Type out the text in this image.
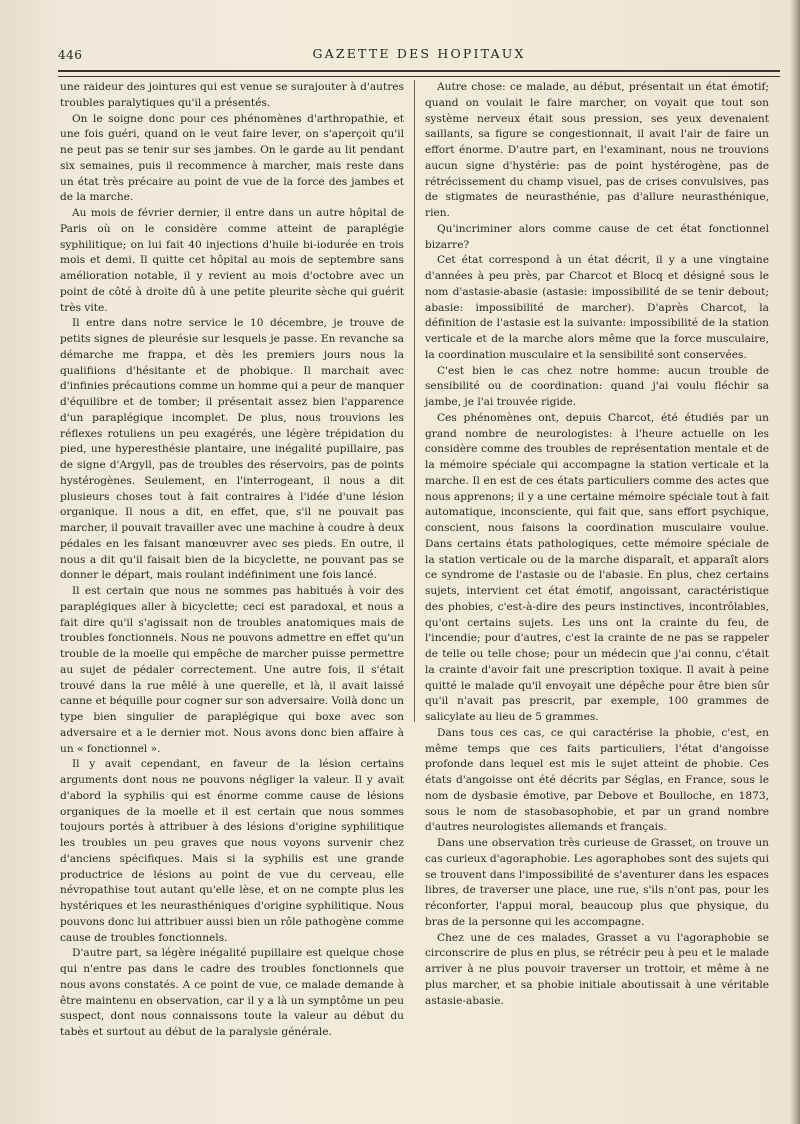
446	GAZETTE DES HOPITAUX

une raideur des jointures qui est venue se surajouter à d'autres troubles paralytiques qu'il a présentés.

On le soigne donc pour ces phénomènes d'arthropathie, et une fois guéri, quand on le veut faire lever, on s'aperçoit qu'il ne peut pas se tenir sur ses jambes. On le garde au lit pendant six semaines, puis il recommence à marcher, mais reste dans un état très précaire au point de vue de la force des jambes et de la marche.

Au mois de février dernier, il entre dans un autre hôpital de Paris où on le considère comme atteint de paraplégie syphilitique; on lui fait 40 injections d'huile bi-iodurée en trois mois et demi. Il quitte cet hôpital au mois de septembre sans amélioration notable, il y revient au mois d'octobre avec un point de côté à droite dû à une petite pleurite sèche qui guérit très vite.

Il entre dans notre service le 10 décembre, je trouve de petits signes de pleurésie sur lesquels je passe. En revanche sa démarche me frappa, et dès les premiers jours nous la qualifiions d'hésitante et de phobique. Il marchait avec d'infinies précautions comme un homme qui a peur de manquer d'équilibre et de tomber; il présentait assez bien l'apparence d'un paraplégique incomplet. De plus, nous trouvions les réflexes rotuliens un peu exagérés, une légère trépidation du pied, une hyperesthésie plantaire, une inégalité pupillaire, pas de signe d'Argyll, pas de troubles des réservoirs, pas de points hystérogènes. Seulement, en l'interrogeant, il nous a dit plusieurs choses tout à fait contraires à l'idée d'une lésion organique. Il nous a dit, en effet, que, s'il ne pouvait pas marcher, il pouvait travailler avec une machine à coudre à deux pédales en les faisant manœuvrer avec ses pieds. En outre, il nous a dit qu'il faisait bien de la bicyclette, ne pouvant pas se donner le départ, mais roulant indéfiniment une fois lancé.

Il est certain que nous ne sommes pas habitués à voir des paraplégiques aller à bicyclette; ceci est paradoxal, et nous a fait dire qu'il s'agissait non de troubles anatomiques mais de troubles fonctionnels. Nous ne pouvons admettre en effet qu'un trouble de la moelle qui empêche de marcher puisse permettre au sujet de pédaler correctement. Une autre fois, il s'était trouvé dans la rue mêlé à une querelle, et là, il avait laissé canne et béquille pour cogner sur son adversaire. Voilà donc un type bien singulier de paraplégique qui boxe avec son adversaire et a le dernier mot. Nous avons donc bien affaire à un « fonctionnel ».

Il y avait cependant, en faveur de la lésion certains arguments dont nous ne pouvons négliger la valeur. Il y avait d'abord la syphilis qui est énorme comme cause de lésions organiques de la moelle et il est certain que nous sommes toujours portés à attribuer à des lésions d'origine syphilitique les troubles un peu graves que nous voyons survenir chez d'anciens spécifiques. Mais si la syphilis est une grande productrice de lésions au point de vue du cerveau, elle névropathise tout autant qu'elle lèse, et on ne compte plus les hystériques et les neurasthéniques d'origine syphilitique. Nous pouvons donc lui attribuer aussi bien un rôle pathogène comme cause de troubles fonctionnels.

D'autre part, sa légère inégalité pupillaire est quelque chose qui n'entre pas dans le cadre des troubles fonctionnels que nous avons constatés. A ce point de vue, ce malade demande à être maintenu en observation, car il y a là un symptôme un peu suspect, dont nous connaissons toute la valeur au début du tabès et surtout au début de la paralysie générale.

Autre chose: ce malade, au début, présentait un état émotif; quand on voulait le faire marcher, on voyait que tout son système nerveux était sous pression, ses yeux devenaient saillants, sa figure se congestionnait, il avait l'air de faire un effort énorme. D'autre part, en l'examinant, nous ne trouvions aucun signe d'hystérie: pas de point hystérogène, pas de rétrécissement du champ visuel, pas de crises convulsives, pas de stigmates de neurasthénie, pas d'allure neurasthénique, rien.

Qu'incriminer alors comme cause de cet état fonctionnel bizarre?

Cet état correspond à un état décrit, il y a une vingtaine d'années à peu près, par Charcot et Blocq et désigné sous le nom d'astasie-abasie (astasie: impossibilité de se tenir debout; abasie: impossibilité de marcher). D'après Charcot, la définition de l'astasie est la suivante: impossibilité de la station verticale et de la marche alors même que la force musculaire, la coordination musculaire et la sensibilité sont conservées.

C'est bien le cas chez notre homme: aucun trouble de sensibilité ou de coordination: quand j'ai voulu fléchir sa jambe, je l'ai trouvée rigide.

Ces phénomènes ont, depuis Charcot, été étudiés par un grand nombre de neurologistes: à l'heure actuelle on les considère comme des troubles de représentation mentale et de la mémoire spéciale qui accompagne la station verticale et la marche. Il en est de ces états particuliers comme des actes que nous apprenons; il y a une certaine mémoire spéciale tout à fait automatique, inconsciente, qui fait que, sans effort psychique, conscient, nous faisons la coordination musculaire voulue. Dans certains états pathologiques, cette mémoire spéciale de la station verticale ou de la marche disparaît, et apparaît alors ce syndrome de l'astasie ou de l'abasie. En plus, chez certains sujets, intervient cet état émotif, angoissant, caractéristique des phobies, c'est-à-dire des peurs instinctives, incontrôlables, qu'ont certains sujets. Les uns ont la crainte du feu, de l'incendie; pour d'autres, c'est la crainte de ne pas se rappeler de telle ou telle chose; pour un médecin que j'ai connu, c'était la crainte d'avoir fait une prescription toxique. Il avait à peine quitté le malade qu'il envoyait une dépêche pour être bien sûr qu'il n'avait pas prescrit, par exemple, 100 grammes de salicylate au lieu de 5 grammes.

Dans tous ces cas, ce qui caractérise la phobie, c'est, en même temps que ces faits particuliers, l'état d'angoisse profonde dans lequel est mis le sujet atteint de phobie. Ces états d'angoisse ont été décrits par Séglas, en France, sous le nom de dysbasie émotive, par Debove et Boulloche, en 1873, sous le nom de stasobasophobie, et par un grand nombre d'autres neurologistes allemands et français.

Dans une observation très curieuse de Grasset, on trouve un cas curieux d'agoraphobie. Les agoraphobes sont des sujets qui se trouvent dans l'impossibilité de s'aventurer dans les espaces libres, de traverser une place, une rue, s'ils n'ont pas, pour les réconforter, l'appui moral, beaucoup plus que physique, du bras de la personne qui les accompagne.

Chez une de ces malades, Grasset a vu l'agoraphobie se circonscrire de plus en plus, se rétrécir peu à peu et le malade arriver à ne plus pouvoir traverser un trottoir, et même à ne plus marcher, et sa phobie initiale aboutissait à une véritable astasie-abasie.
